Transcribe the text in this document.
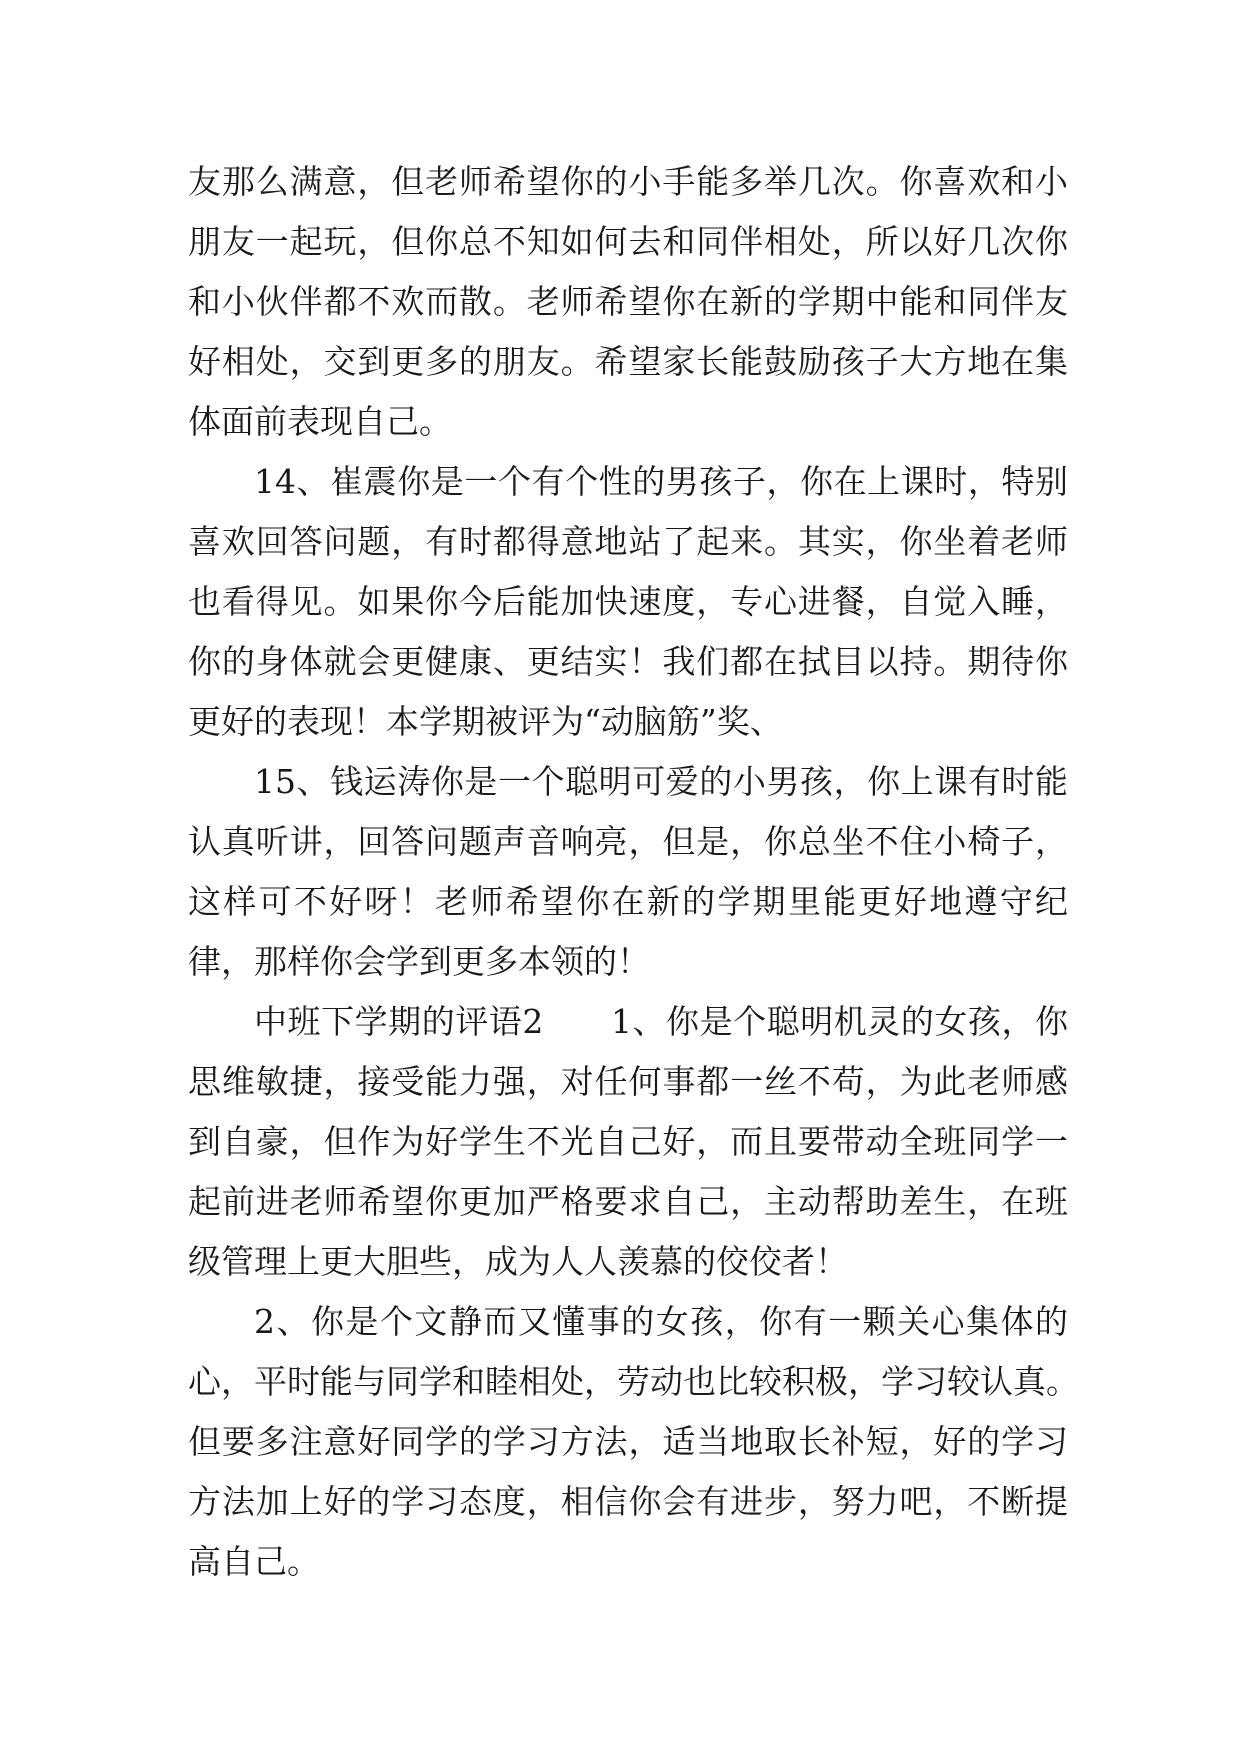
友那么满意，但老师希望你的小手能多举几次。你喜欢和小
朋友一起玩，但你总不知如何去和同伴相处，所以好几次你
和小伙伴都不欢而散。老师希望你在新的学期中能和同伴友
好相处，交到更多的朋友。希望家长能鼓励孩子大方地在集
体面前表现自己。
14、崔震你是一个有个性的男孩子，你在上课时，特别
喜欢回答问题，有时都得意地站了起来。其实，你坐着老师
也看得见。如果你今后能加快速度，专心进餐，自觉入睡，
你的身体就会更健康、更结实！我们都在拭目以持。期待你
更好的表现！本学期被评为“动脑筋”奖、
15、钱运涛你是一个聪明可爱的小男孩，你上课有时能
认真听讲，回答问题声音响亮，但是，你总坐不住小椅子，
这样可不好呀！老师希望你在新的学期里能更好地遵守纪
律，那样你会学到更多本领的！
中班下学期的评语2　　1、你是个聪明机灵的女孩，你
思维敏捷，接受能力强，对任何事都一丝不苟，为此老师感
到自豪，但作为好学生不光自己好，而且要带动全班同学一
起前进老师希望你更加严格要求自己，主动帮助差生，在班
级管理上更大胆些，成为人人羡慕的佼佼者！
2、你是个文静而又懂事的女孩，你有一颗关心集体的
心，平时能与同学和睦相处，劳动也比较积极，学习较认真。
但要多注意好同学的学习方法，适当地取长补短，好的学习
方法加上好的学习态度，相信你会有进步，努力吧，不断提
高自己。
